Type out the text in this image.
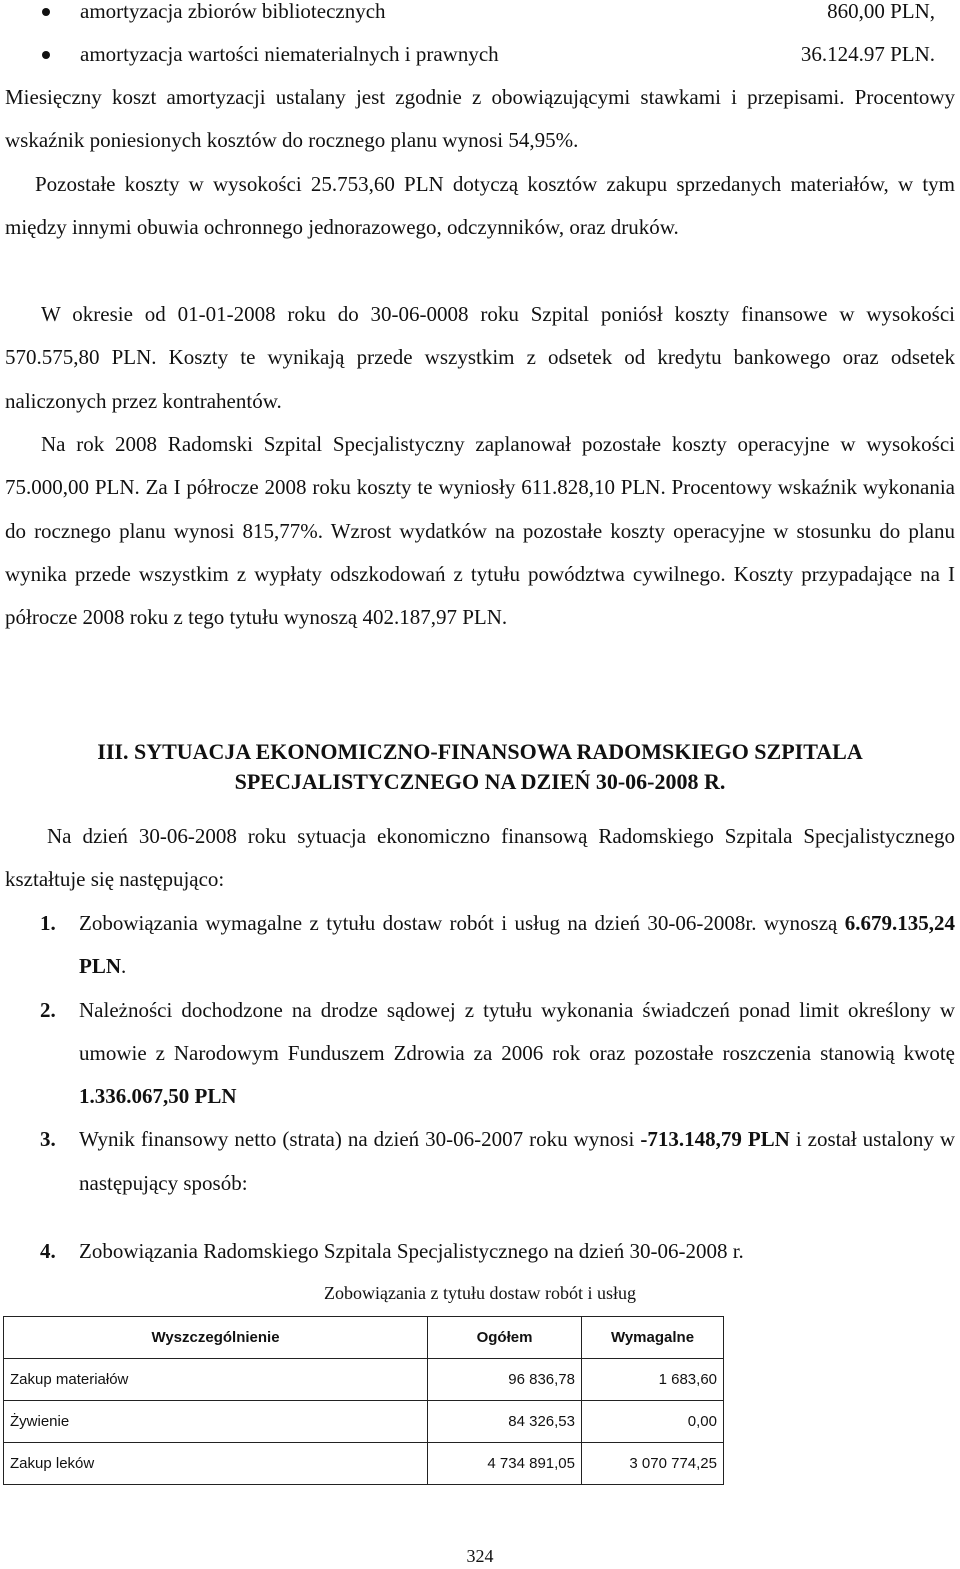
amortyzacja zbiorów bibliotecznych	860,00 PLN,
amortyzacja wartości niematerialnych i prawnych	36.124.97 PLN.

Miesięczny koszt amortyzacji ustalany jest zgodnie z obowiązującymi stawkami i przepisami. Procentowy wskaźnik poniesionych kosztów do rocznego planu wynosi 54,95%.

Pozostałe koszty w wysokości 25.753,60 PLN dotyczą kosztów zakupu sprzedanych materiałów, w tym między innymi obuwia ochronnego jednorazowego, odczynników, oraz druków.

W okresie od 01-01-2008 roku do 30-06-0008 roku Szpital poniósł koszty finansowe w wysokości 570.575,80 PLN. Koszty te wynikają przede wszystkim z odsetek od kredytu bankowego oraz odsetek naliczonych przez kontrahentów.

Na rok 2008 Radomski Szpital Specjalistyczny zaplanował pozostałe koszty operacyjne w wysokości 75.000,00 PLN. Za I półrocze 2008 roku koszty te wyniosły 611.828,10 PLN. Procentowy wskaźnik wykonania do rocznego planu wynosi 815,77%. Wzrost wydatków na pozostałe koszty operacyjne w stosunku do planu wynika przede wszystkim z wypłaty odszkodowań z tytułu powództwa cywilnego. Koszty przypadające na I półrocze 2008 roku z tego tytułu wynoszą 402.187,97 PLN.

III. SYTUACJA EKONOMICZNO-FINANSOWA RADOMSKIEGO SZPITALA
SPECJALISTYCZNEGO NA DZIEŃ 30-06-2008 R.

Na dzień 30-06-2008 roku sytuacja ekonomiczno finansową Radomskiego Szpitala Specjalistycznego kształtuje się następująco:

1. Zobowiązania wymagalne z tytułu dostaw robót i usług na dzień 30-06-2008r. wynoszą 6.679.135,24 PLN.
2. Należności dochodzone na drodze sądowej z tytułu wykonania świadczeń ponad limit określony w umowie z Narodowym Funduszem Zdrowia za 2006 rok oraz pozostałe roszczenia stanowią kwotę 1.336.067,50 PLN
3. Wynik finansowy netto (strata) na dzień 30-06-2007 roku wynosi -713.148,79 PLN i został ustalony w następujący sposób:
4. Zobowiązania Radomskiego Szpitala Specjalistycznego na dzień 30-06-2008 r.

Zobowiązania z tytułu dostaw robót i usług

Wyszczególnienie	Ogółem	Wymagalne
Zakup materiałów	96 836,78	1 683,60
Żywienie	84 326,53	0,00
Zakup leków	4 734 891,05	3 070 774,25
324
